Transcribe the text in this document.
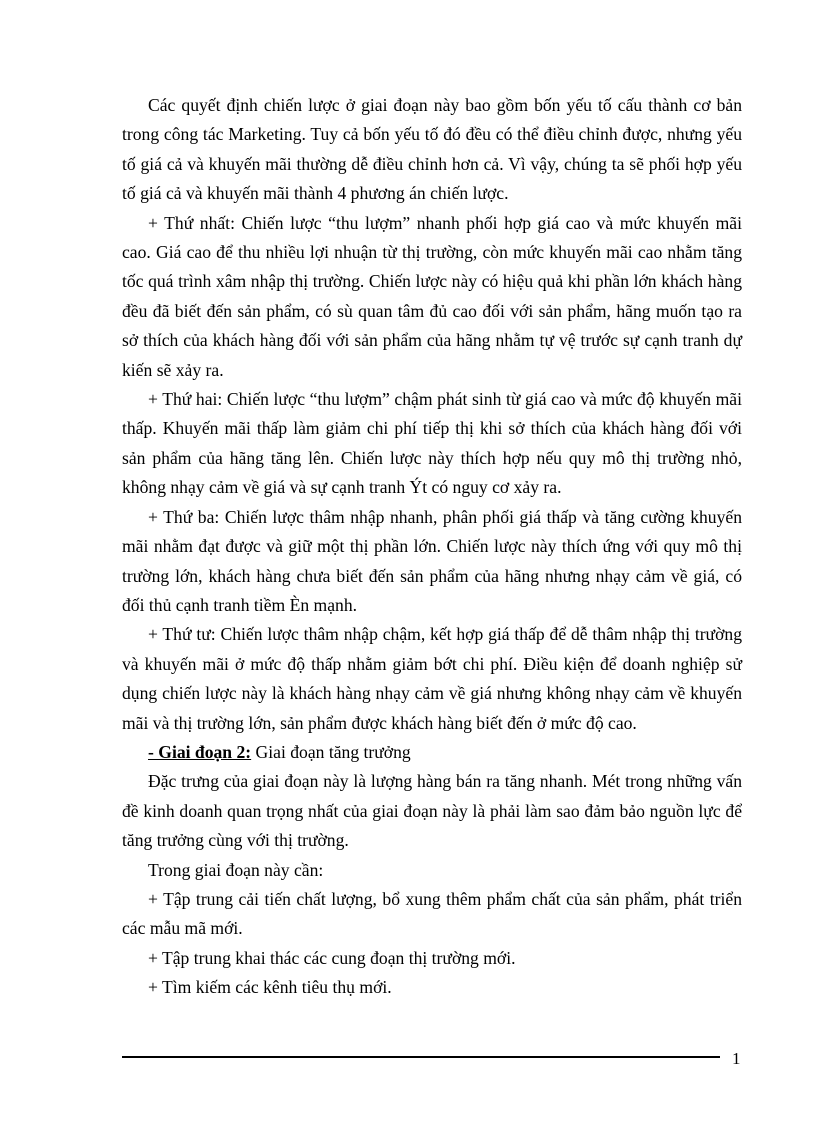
Các quyết định chiến lược ở giai đoạn này bao gồm bốn yếu tố cấu thành cơ bản trong công tác Marketing. Tuy cả bốn yếu tố đó đều có thể điều chỉnh được, nhưng yếu tố giá cả và khuyến mãi thường dễ điều chỉnh hơn cả. Vì vậy, chúng ta sẽ phối hợp yếu tố giá cả và khuyến mãi thành 4 phương án chiến lược.

+ Thứ nhất: Chiến lược “thu lượm” nhanh phối hợp giá cao và mức khuyến mãi cao. Giá cao để thu nhiều lợi nhuận từ thị trường, còn mức khuyến mãi cao nhằm tăng tốc quá trình xâm nhập thị trường. Chiến lược này có hiệu quả khi phần lớn khách hàng đều đã biết đến sản phẩm, có sù quan tâm đủ cao đối với sản phẩm, hãng muốn tạo ra sở thích của khách hàng đối với sản phẩm của hãng nhằm tự vệ trước sự cạnh tranh dự kiến sẽ xảy ra.

+ Thứ hai: Chiến lược “thu lượm” chậm phát sinh từ giá cao và mức độ khuyến mãi thấp. Khuyến mãi thấp làm giảm chi phí tiếp thị khi sở thích của khách hàng đối với sản phẩm của hãng tăng lên. Chiến lược này thích hợp nếu quy mô thị trường nhỏ, không nhạy cảm về giá và sự cạnh tranh Ýt có nguy cơ xảy ra.

+ Thứ ba: Chiến lược thâm nhập nhanh, phân phối giá thấp và tăng cường khuyến mãi nhằm đạt được và giữ một thị phần lớn. Chiến lược này thích ứng với quy mô thị trường lớn, khách hàng chưa biết đến sản phẩm của hãng nhưng nhạy cảm về giá, có đối thủ cạnh tranh tiềm Èn mạnh.

+ Thứ tư: Chiến lược thâm nhập chậm, kết hợp giá thấp để dễ thâm nhập thị trường và khuyến mãi ở mức độ thấp nhằm giảm bớt chi phí. Điều kiện để doanh nghiệp sử dụng chiến lược này là khách hàng nhạy cảm về giá nhưng không nhạy cảm về khuyến mãi và thị trường lớn, sản phẩm được khách hàng biết đến ở mức độ cao.

- Giai đoạn 2: Giai đoạn tăng trưởng

Đặc trưng của giai đoạn này là lượng hàng bán ra tăng nhanh. Mét trong những vấn đề kinh doanh quan trọng nhất của giai đoạn này là phải làm sao đảm bảo nguồn lực để tăng trưởng cùng với thị trường.

Trong giai đoạn này cần:

+ Tập trung cải tiến chất lượng, bổ xung thêm phẩm chất của sản phẩm, phát triển các mẫu mã mới.

+ Tập trung khai thác các cung đoạn thị trường mới.

+ Tìm kiếm các kênh tiêu thụ mới.

1
